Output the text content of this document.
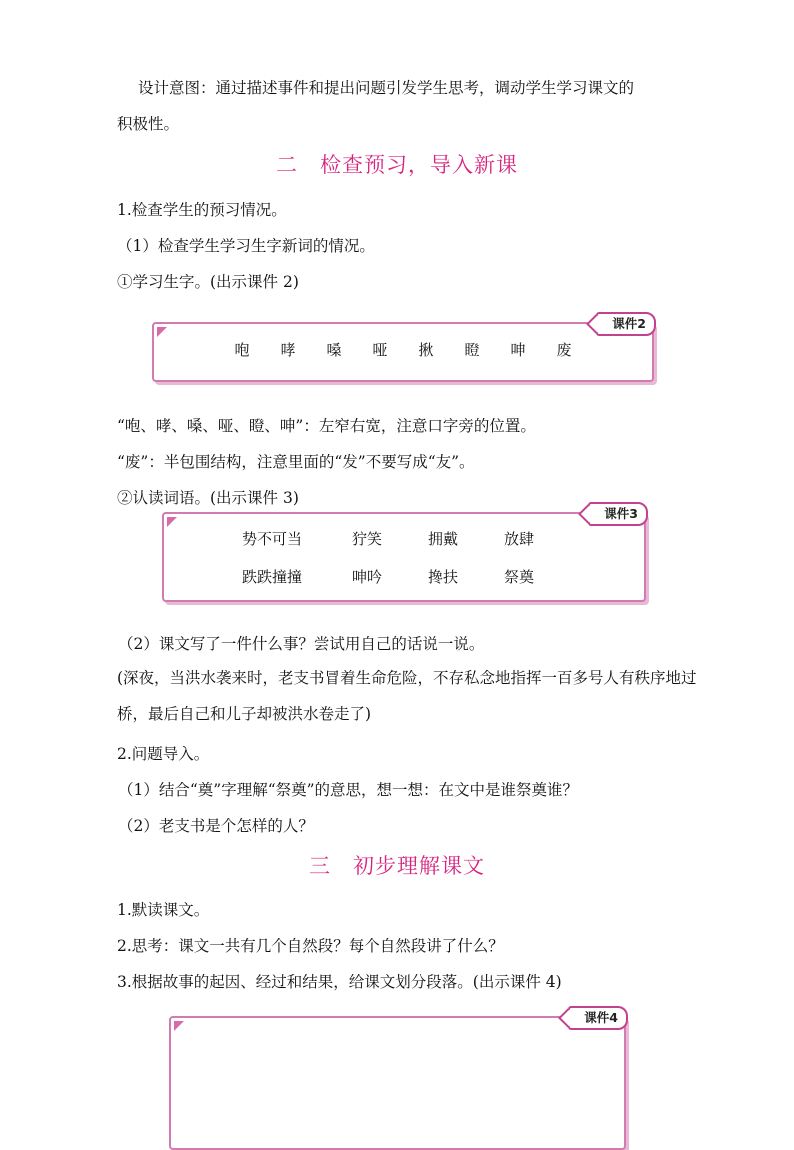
设计意图：通过描述事件和提出问题引发学生思考，调动学生学习课文的
积极性。
二　检查预习，导入新课
1.检查学生的预习情况。
（1）检查学生学习生字新词的情况。
①学习生字。(出示课件 2)
课件2
咆 哮 嗓 哑 揪 瞪 呻 废
“咆、哮、嗓、哑、瞪、呻”：左窄右宽，注意口字旁的位置。
“废”：半包围结构，注意里面的“发”不要写成“友”。
②认读词语。(出示课件 3)
课件3
势不可当	狞笑	拥戴	放肆
跌跌撞撞	呻吟	搀扶	祭奠
（2）课文写了一件什么事？尝试用自己的话说一说。
(深夜，当洪水袭来时，老支书冒着生命危险，不存私念地指挥一百多号人有秩序地过桥，最后自己和儿子却被洪水卷走了)
2.问题导入。
（1）结合“奠”字理解“祭奠”的意思，想一想：在文中是谁祭奠谁？
（2）老支书是个怎样的人？
三　初步理解课文
1.默读课文。
2.思考：课文一共有几个自然段？每个自然段讲了什么？
3.根据故事的起因、经过和结果，给课文划分段落。(出示课件 4)
课件4
